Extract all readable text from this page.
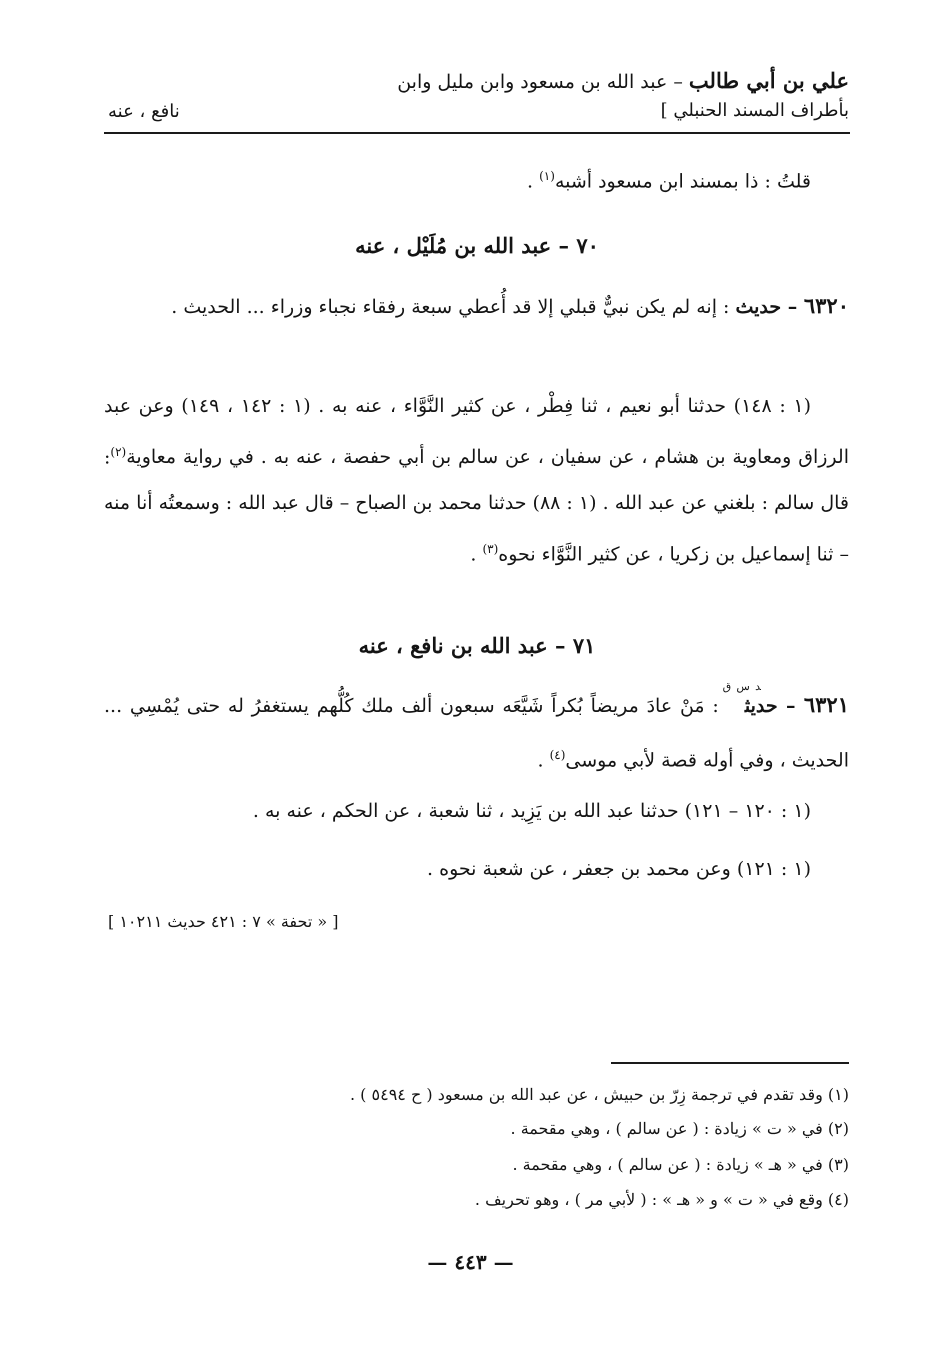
علي بن أبي طالب – عبد الله بن مسعود وابن مليل وابن
بأطراف المسند الحنبلي ]
نافع ، عنه
قلتُ : ذا بمسند ابن مسعود أشبه$^{(١)}$ .
٧٠ – عبد الله بن مُلَيْل ، عنه
٦٣٢٠ – حديث : إنه لم يكن نبيٌّ قبلي إلا قد أُعطي سبعة رفقاء نجباء وزراء ... الحديث .
(١ : ١٤٨) حدثنا أبو نعيم ، ثنا فِطْر ، عن كثير النَّوَّاء ، عنه به . (١ : ١٤٢ ، ١٤٩) وعن عبد الرزاق ومعاوية بن هشام ، عن سفيان ، عن سالم بن أبي حفصة ، عنه به . في رواية معاوية$^{(٢)}$: قال سالم : بلغني عن عبد الله . (١ : ٨٨) حدثنا محمد بن الصباح – قال عبد الله : وسمعتُه أنا منه – ثنا إسماعيل بن زكريا ، عن كثير النَّوَّاء نحوه$^{(٣)}$ .
٧١ – عبد الله بن نافع ، عنه
٦٣٢١ – حديث$^{د س ق}$ : مَنْ عادَ مريضاً بُكراً شَيَّعَه سبعون ألف ملك كُلُّهم يستغفرُ له حتى يُمْسِي ... الحديث ، وفي أوله قصة لأبي موسى$^{(٤)}$ .
(١ : ١٢٠ – ١٢١) حدثنا عبد الله بن يَزِيد ، ثنا شعبة ، عن الحكم ، عنه به .
(١ : ١٢١) وعن محمد بن جعفر ، عن شعبة نحوه .
[ « تحفة » ٧ : ٤٢١ حديث ١٠٢١١ ]
(١) وقد تقدم في ترجمة زِرّ بن حبيش ، عن عبد الله بن مسعود ( ح ٥٤٩٤ ) .
(٢) في « ت » زيادة : ( عن سالم ) ، وهي مقحمة .
(٣) في « هـ » زيادة : ( عن سالم ) ، وهي مقحمة .
(٤) وقع في « ت » و « هـ » : ( لأبي مر ) ، وهو تحريف .
— ٤٤٣ —
